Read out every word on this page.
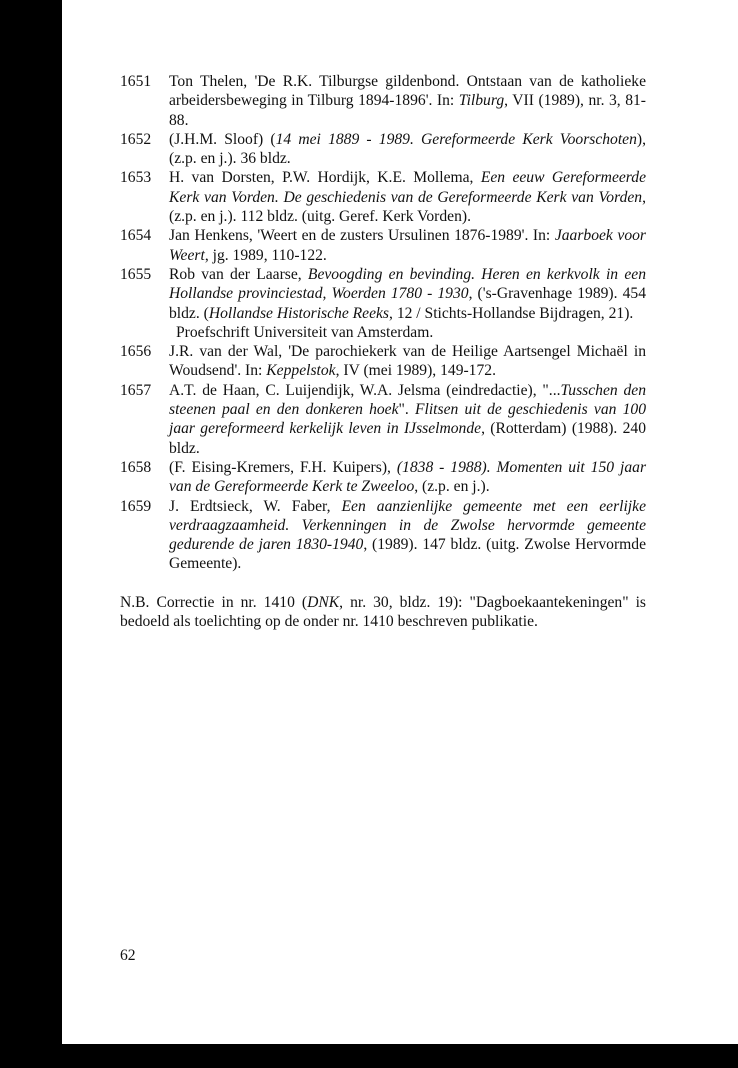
1651	Ton Thelen, 'De R.K. Tilburgse gildenbond. Ontstaan van de katholieke arbeidersbeweging in Tilburg 1894-1896'. In: Tilburg, VII (1989), nr. 3, 81-88.
1652	(J.H.M. Sloof) (14 mei 1889 - 1989. Gereformeerde Kerk Voorschoten), (z.p. en j.). 36 bldz.
1653	H. van Dorsten, P.W. Hordijk, K.E. Mollema, Een eeuw Gereformeerde Kerk van Vorden. De geschiedenis van de Gereformeerde Kerk van Vorden, (z.p. en j.). 112 bldz. (uitg. Geref. Kerk Vorden).
1654	Jan Henkens, 'Weert en de zusters Ursulinen 1876-1989'. In: Jaarboek voor Weert, jg. 1989, 110-122.
1655	Rob van der Laarse, Bevoogding en bevinding. Heren en kerkvolk in een Hollandse provinciestad, Woerden 1780 - 1930, ('s-Gravenhage 1989). 454 bldz. (Hollandse Historische Reeks, 12 / Stichts-Hollandse Bijdragen, 21).
Proefschrift Universiteit van Amsterdam.
1656	J.R. van der Wal, 'De parochiekerk van de Heilige Aartsengel Michaël in Woudsend'. In: Keppelstok, IV (mei 1989), 149-172.
1657	A.T. de Haan, C. Luijendijk, W.A. Jelsma (eindredactie), "...Tusschen den steenen paal en den donkeren hoek". Flitsen uit de geschiedenis van 100 jaar gereformeerd kerkelijk leven in IJsselmonde, (Rotterdam) (1988). 240 bldz.
1658	(F. Eising-Kremers, F.H. Kuipers), (1838 - 1988). Momenten uit 150 jaar van de Gereformeerde Kerk te Zweeloo, (z.p. en j.).
1659	J. Erdtsieck, W. Faber, Een aanzienlijke gemeente met een eerlijke verdraagzaamheid. Verkenningen in de Zwolse hervormde gemeente gedurende de jaren 1830-1940, (1989). 147 bldz. (uitg. Zwolse Hervormde Gemeente).
N.B. Correctie in nr. 1410 (DNK, nr. 30, bldz. 19): "Dagboekaantekeningen" is bedoeld als toelichting op de onder nr. 1410 beschreven publikatie.
62
